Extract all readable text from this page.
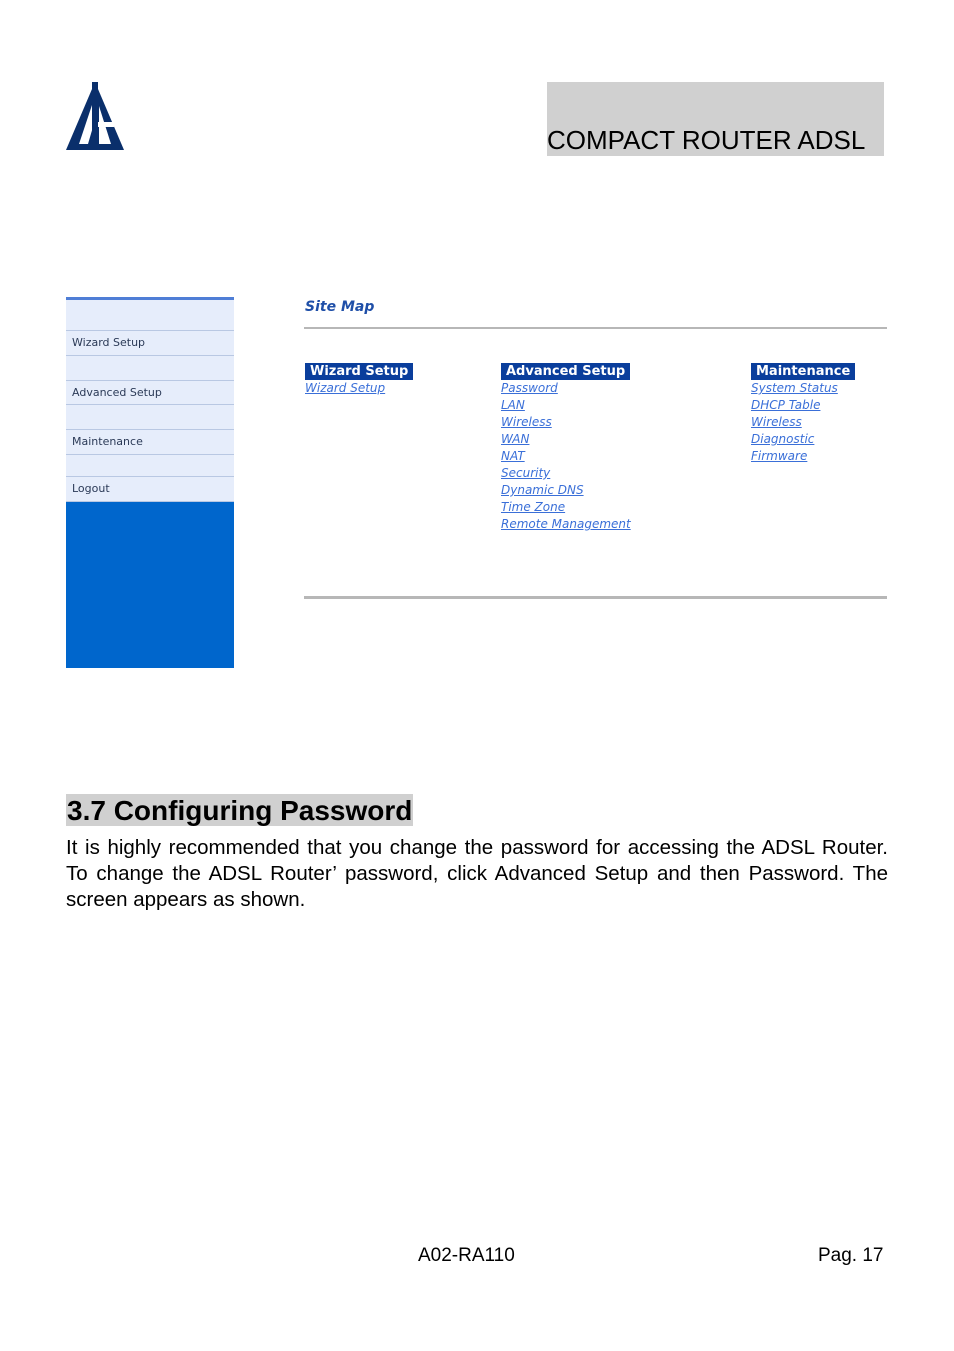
COMPACT ROUTER ADSL
Wizard Setup
Advanced Setup
Maintenance
Logout
Site Map
Wizard Setup
Wizard Setup
Advanced Setup
Password
LAN
Wireless
WAN
NAT
Security
Dynamic DNS
Time Zone
Remote Management
Maintenance
System Status
DHCP Table
Wireless
Diagnostic
Firmware
3.7 Configuring Password

It is highly recommended that you change the password for accessing the ADSL Router. To change the ADSL Router’ password, click Advanced Setup and then Password. The screen appears as shown.

A02-RA110	Pag. 17
